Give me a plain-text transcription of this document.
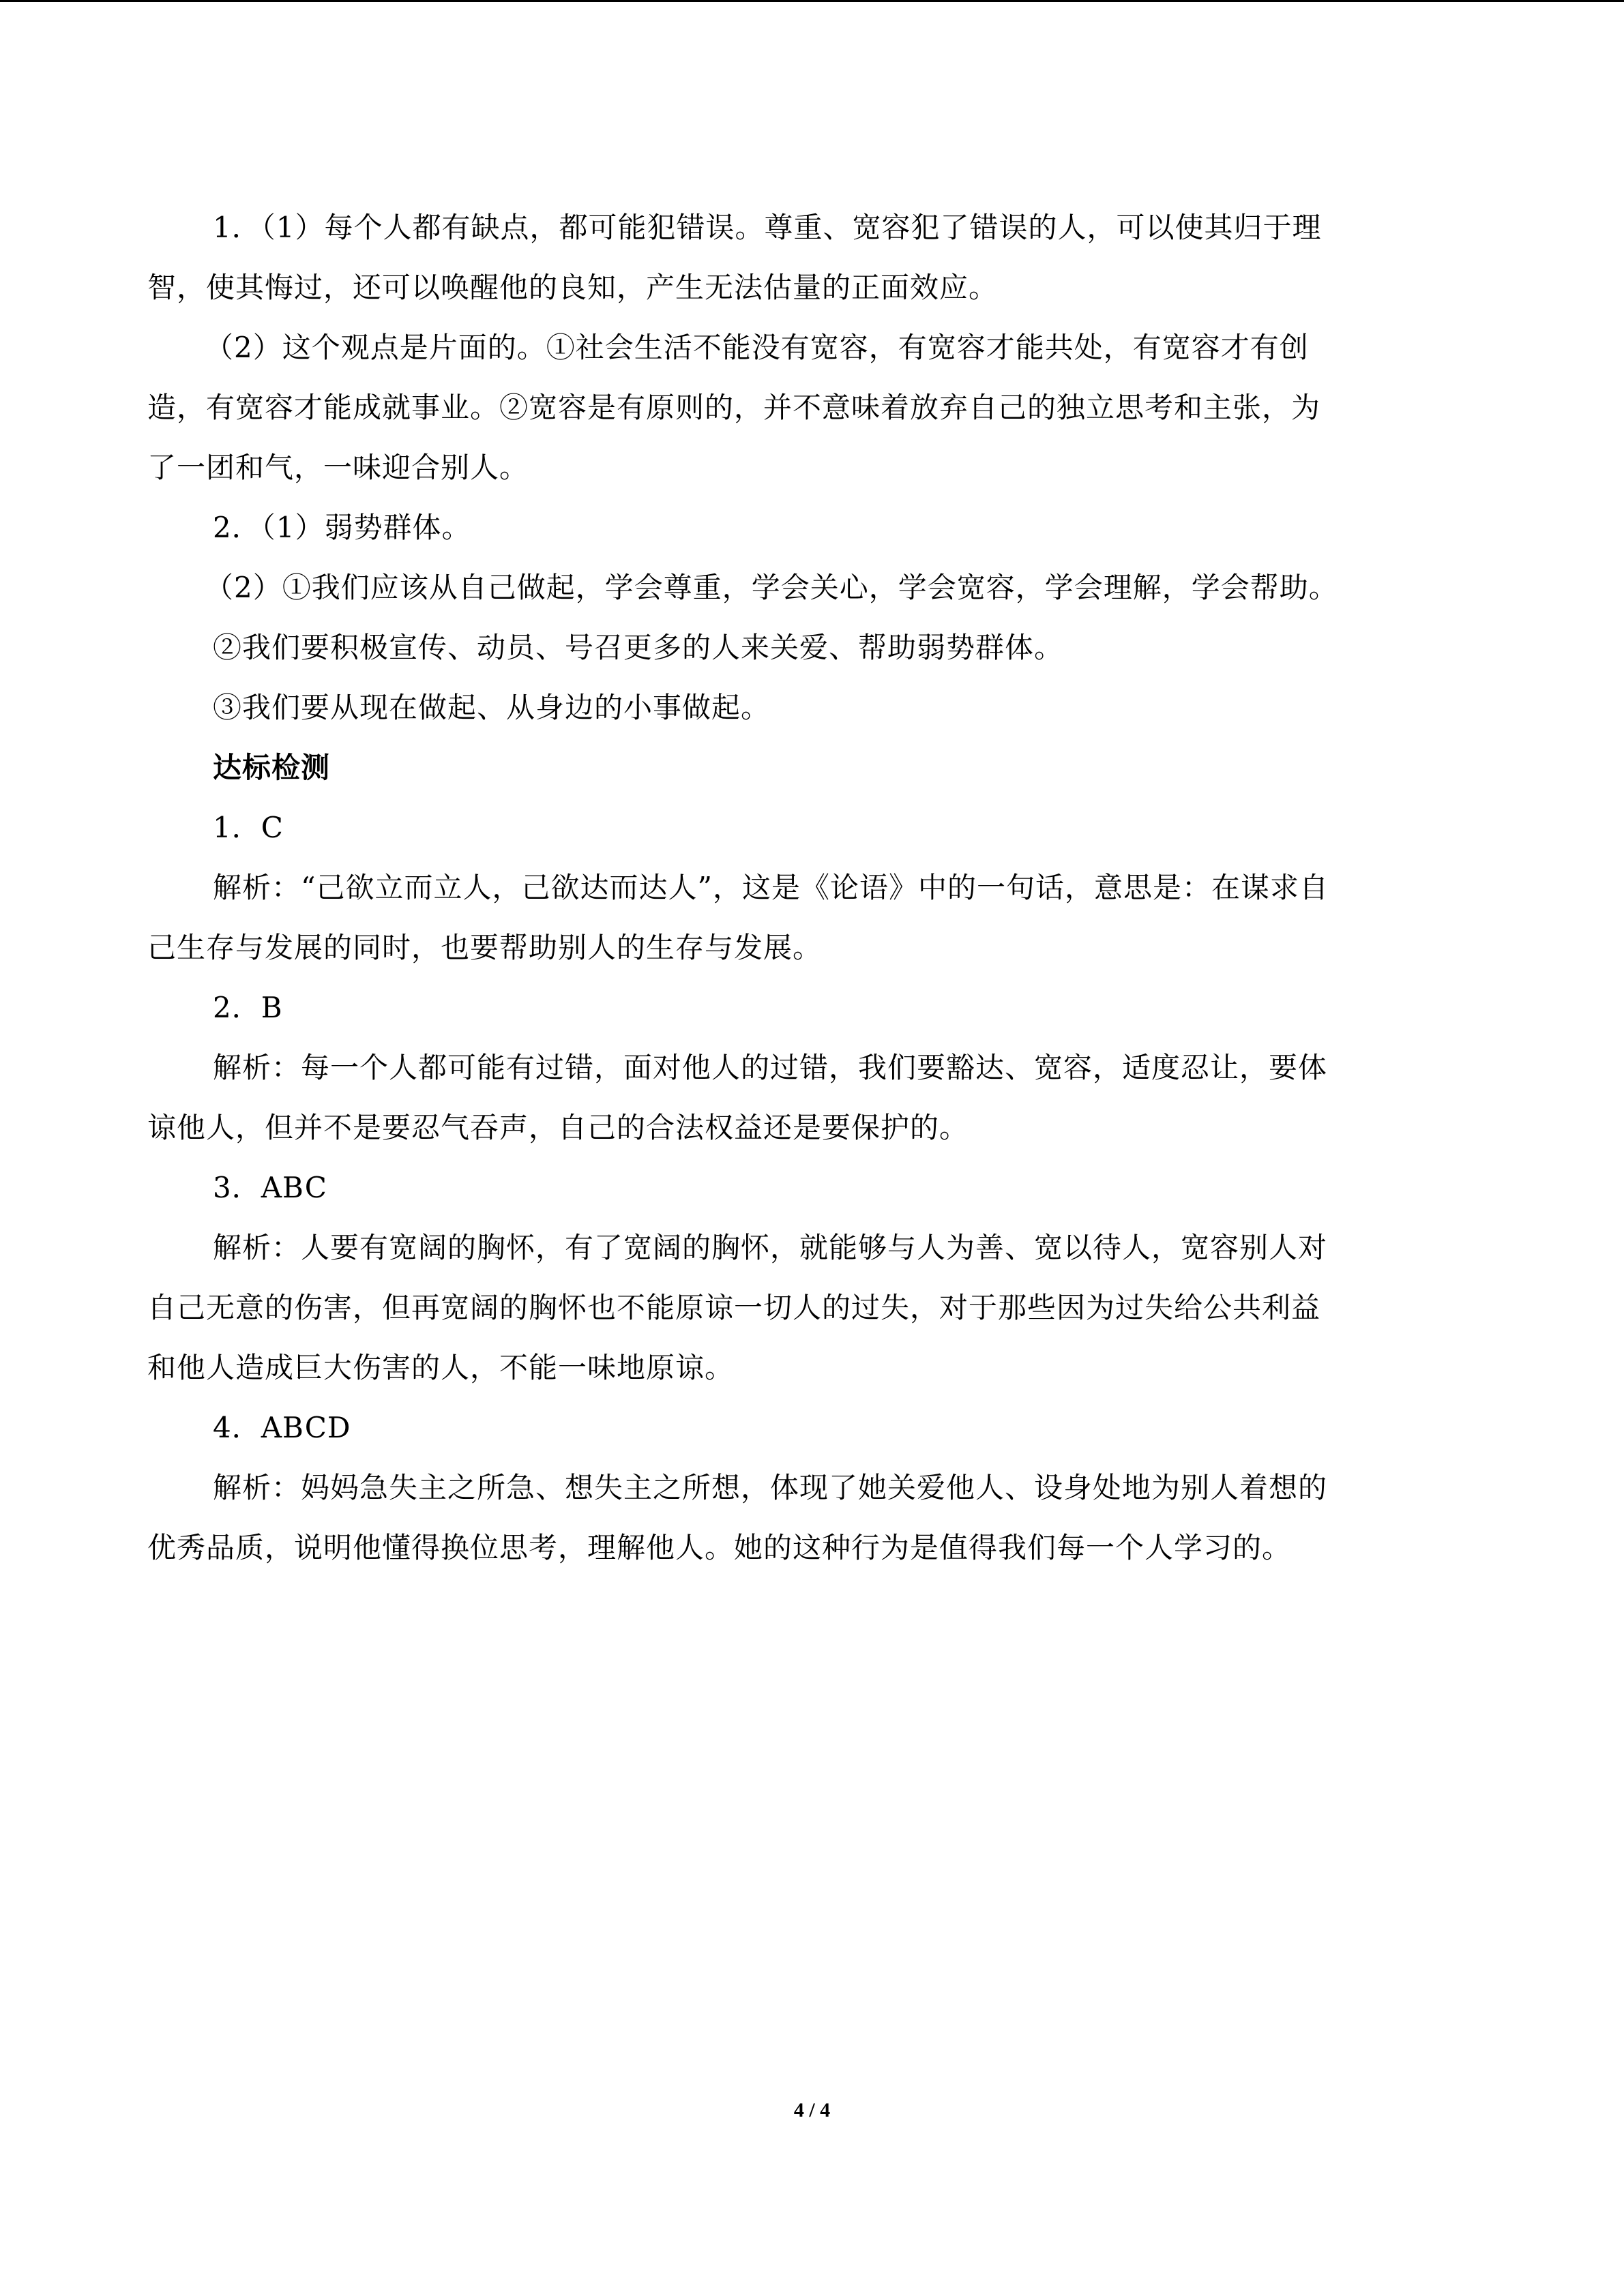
1．（1）每个人都有缺点，都可能犯错误。尊重、宽容犯了错误的人，可以使其归于理
智，使其悔过，还可以唤醒他的良知，产生无法估量的正面效应。
（2）这个观点是片面的。①社会生活不能没有宽容，有宽容才能共处，有宽容才有创
造，有宽容才能成就事业。②宽容是有原则的，并不意味着放弃自己的独立思考和主张，为
了一团和气，一味迎合别人。
2．（1）弱势群体。
（2）①我们应该从自己做起，学会尊重，学会关心，学会宽容，学会理解，学会帮助。
②我们要积极宣传、动员、号召更多的人来关爱、帮助弱势群体。
③我们要从现在做起、从身边的小事做起。
达标检测
1．C
解析：“己欲立而立人，己欲达而达人”，这是《论语》中的一句话，意思是：在谋求自
己生存与发展的同时，也要帮助别人的生存与发展。
2．B
解析：每一个人都可能有过错，面对他人的过错，我们要豁达、宽容，适度忍让，要体
谅他人，但并不是要忍气吞声，自己的合法权益还是要保护的。
3．ABC
解析：人要有宽阔的胸怀，有了宽阔的胸怀，就能够与人为善、宽以待人，宽容别人对
自己无意的伤害，但再宽阔的胸怀也不能原谅一切人的过失，对于那些因为过失给公共利益
和他人造成巨大伤害的人，不能一味地原谅。
4．ABCD
解析：妈妈急失主之所急、想失主之所想，体现了她关爱他人、设身处地为别人着想的
优秀品质，说明他懂得换位思考，理解他人。她的这种行为是值得我们每一个人学习的。
4 / 4
